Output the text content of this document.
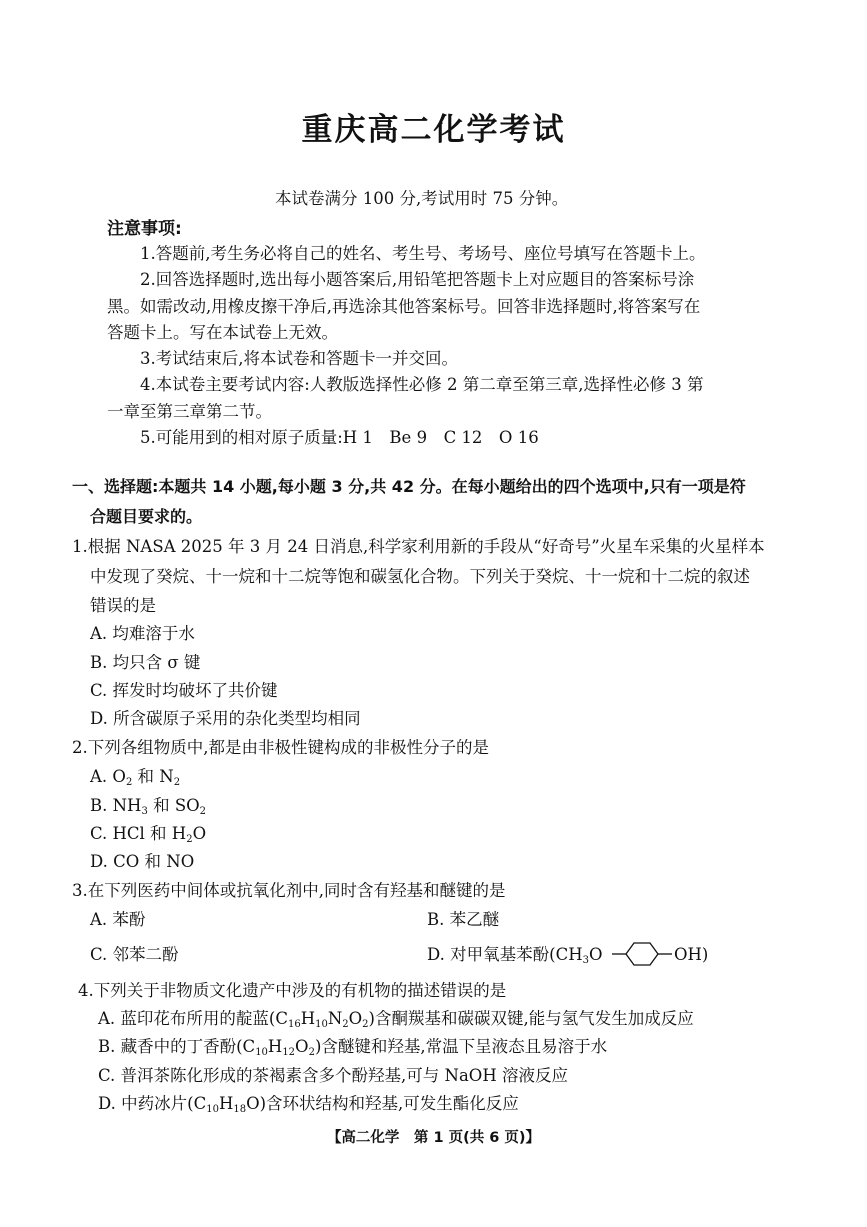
重庆高二化学考试
本试卷满分 100 分,考试用时 75 分钟。
注意事项:
1.答题前,考生务必将自己的姓名、考生号、考场号、座位号填写在答题卡上。
2.回答选择题时,选出每小题答案后,用铅笔把答题卡上对应题目的答案标号涂
黑。如需改动,用橡皮擦干净后,再选涂其他答案标号。回答非选择题时,将答案写在
答题卡上。写在本试卷上无效。
3.考试结束后,将本试卷和答题卡一并交回。
4.本试卷主要考试内容:人教版选择性必修 2 第二章至第三章,选择性必修 3 第
一章至第三章第二节。
5.可能用到的相对原子质量:H 1　Be 9　C 12　O 16
一、选择题:本题共 14 小题,每小题 3 分,共 42 分。在每小题给出的四个选项中,只有一项是符
合题目要求的。
1.根据 NASA 2025 年 3 月 24 日消息,科学家利用新的手段从“好奇号”火星车采集的火星样本
中发现了癸烷、十一烷和十二烷等饱和碳氢化合物。下列关于癸烷、十一烷和十二烷的叙述
错误的是
A. 均难溶于水
B. 均只含 σ 键
C. 挥发时均破坏了共价键
D. 所含碳原子采用的杂化类型均相同
2.下列各组物质中,都是由非极性键构成的非极性分子的是
A. $O_2$ 和 $N_2$
B. $NH_3$ 和 $SO_2$
C. HCl 和 $H_2O$
D. CO 和 NO
3.在下列医药中间体或抗氧化剂中,同时含有羟基和醚键的是
A. 苯酚	B. 苯乙醚
C. 邻苯二酚	D. 对甲氧基苯酚($CH_3O$	OH)
4.下列关于非物质文化遗产中涉及的有机物的描述错误的是
A. 蓝印花布所用的靛蓝$(C_{16}H_{10}N_2O_2)$含酮羰基和碳碳双键,能与氢气发生加成反应
B. 藏香中的丁香酚$(C_{10}H_{12}O_2)$含醚键和羟基,常温下呈液态且易溶于水
C. 普洱茶陈化形成的茶褐素含多个酚羟基,可与 NaOH 溶液反应
D. 中药冰片$(C_{10}H_{18}O)$含环状结构和羟基,可发生酯化反应
【高二化学　第 1 页(共 6 页)】
